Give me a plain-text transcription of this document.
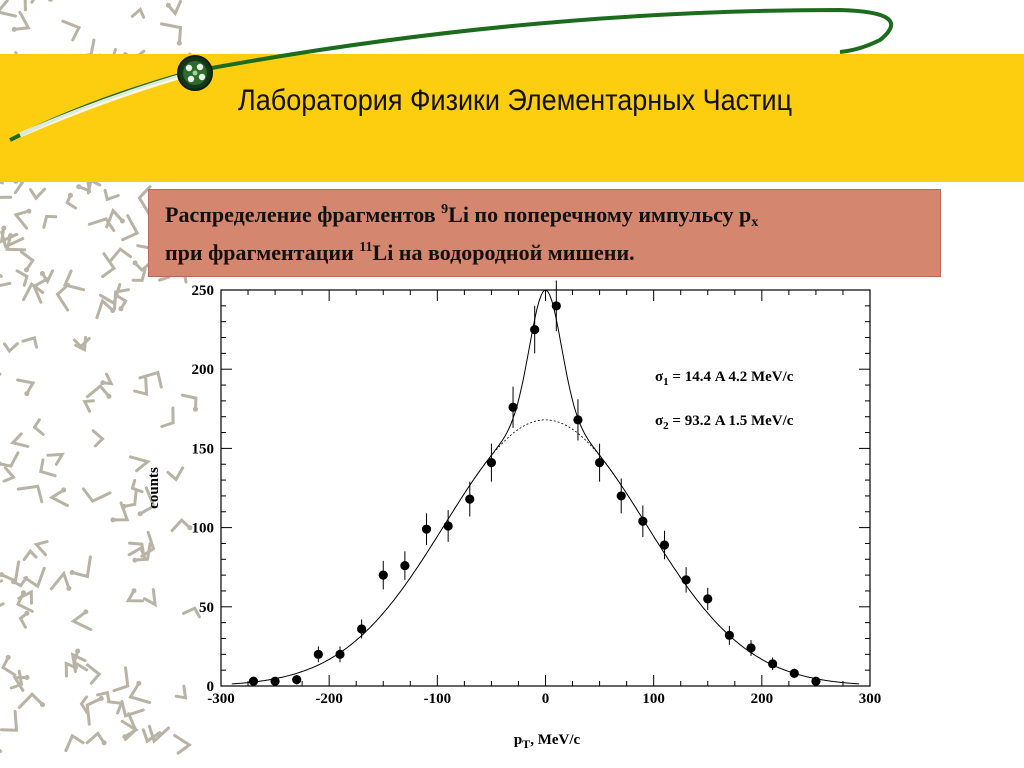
Лаборатория Физики Элементарных Частиц
Распределение фрагментов $^9$Li по поперечному импульсу $p_x$
при фрагментации $^{11}$Li на водородной мишени.
-300	-200	-100	0	100	200	300
0
50
100
150
200
250
$\sigma_1 = 14.4$ A 4.2 MeV/c
$\sigma_2 = 93.2$ A 1.5 MeV/c
counts
$p_T$, MeV/c
